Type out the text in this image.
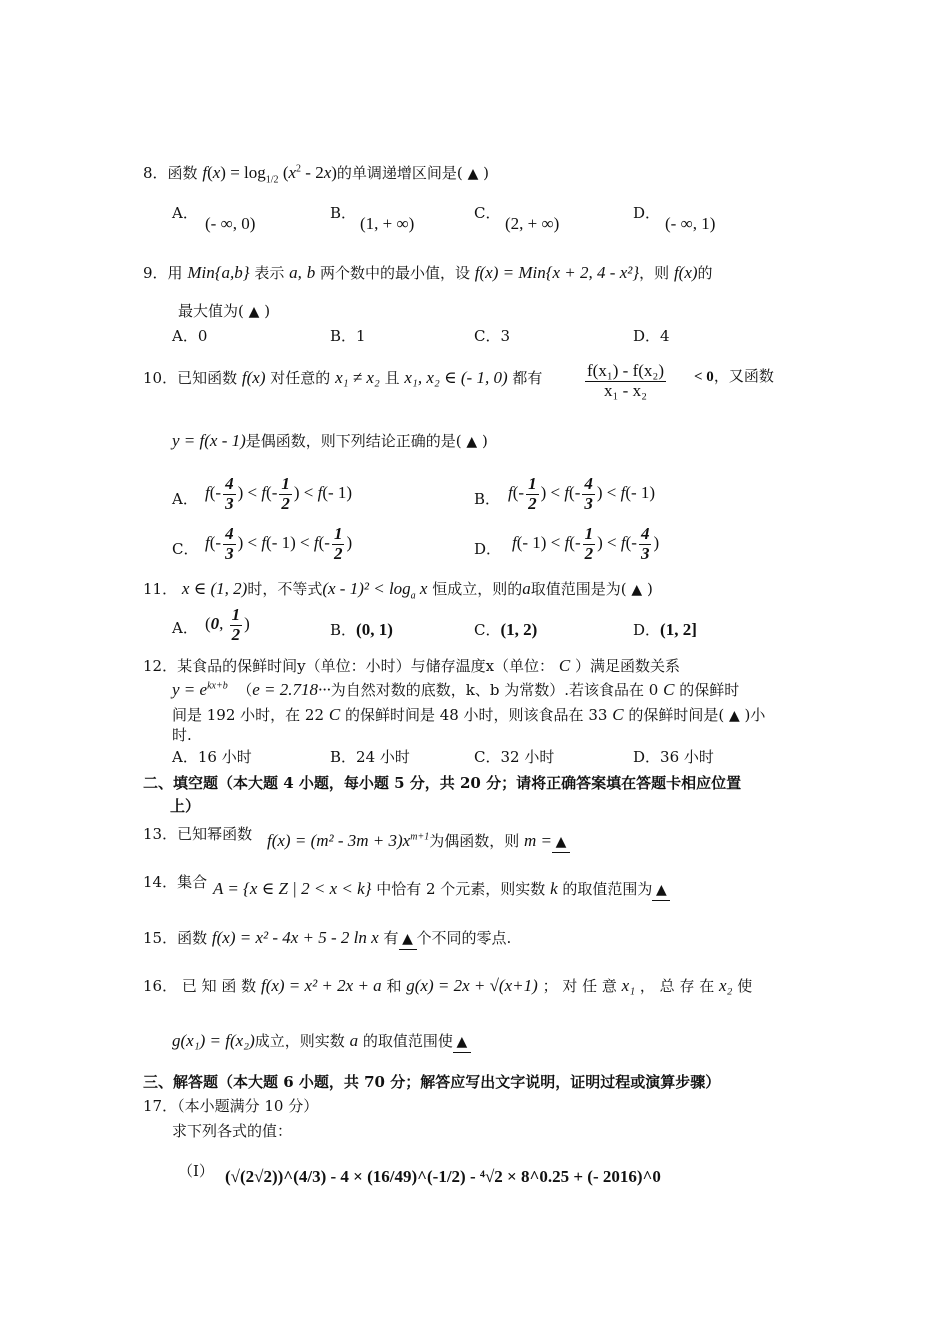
8．函数 $f(x) = \log_{1/2} (x^2 - 2x)$的单调递增区间是( ▲ )
A．
(- ∞, 0)
B．
(1, + ∞)
C．
(2, + ∞)
D．
(- ∞, 1)
9．用 Min{a,b} 表示 a, b 两个数中的最小值，设 f(x) = Min{x + 2, 4 - x²}，则 f(x)的
最大值为( ▲ )
A．0	B．1	C．3	D．4
10．已知函数 f(x) 对任意的 x₁ ≠ x₂ 且 x₁, x₂ ∈ (- 1, 0) 都有	$\frac{\text{f(x₁) - f(x₂)}}{\text{x₁ - x₂}} < 0$，又函数
y = f(x - 1)是偶函数，则下列结论正确的是( ▲ )
A． $f(- \frac{4}{3}$ ) < $f(- \frac{1}{2}$ ) < f(- 1)	B． $f(- \frac{1}{2}$ ) < $f(- \frac{4}{3}$ ) < f(- 1)
C． $f(- \frac{4}{3}$ ) < f(- $1) < f(- \frac{1}{2}$ )	D． f(- $1) < f(- \frac{1}{2}$ ) < $f(- \frac{4}{3}$ )
11． x ∈ (1, 2)时，不等式$(x - 1)^2 < \log_a x$ 恒成立，则的a取值范围是为( ▲ )
A． (0, $\frac{1}{2}$ )	B．(0, 1)	C．(1, 2)	D．(1, 2]
12．某食品的保鲜时间y（单位：小时）与储存温度x（单位： C ）满足函数关系
$y = e^{kx+b}$ （e = 2.718···为自然对数的底数，k、b 为常数）.若该食品在 0 C 的保鲜时
间是 192 小时，在 22 C 的保鲜时间是 48 小时，则该食品在 33 C 的保鲜时间是( ▲ )小
时.
A．16 小时	B．24 小时	C．32 小时	D．36 小时
二、填空题（本大题 4 小题，每小题 5 分，共 20 分；请将正确答案填在答题卡相应位置
上）
13．已知幂函数 $f(x) = (m^2 - 3m + 3)x^{m+1}$为偶函数，则 m = ▲
14．集合 A = {x ∈ Z | 2 < x < k} 中恰有 2 个元素，则实数 k 的取值范围为 ▲
15．函数 f(x) = x² - 4x + 5 - 2 ln x 有 ▲ 个不同的零点.
16． 已 知 函 数 f(x) = x² + 2x + a 和 g(x) = 2x + √(x+1) ； 对 任 意 x₁ ， 总 存 在 x₂ 使
g(x₁) = f(x₂)成立，则实数 a 的取值范围使 ▲
三、解答题（本大题 6 小题，共 70 分；解答应写出文字说明，证明过程或演算步骤）
17．（本小题满分 10 分）
求下列各式的值：
（Ⅰ） (√(2√2))^(4/3) - 4 × (16/49)^(-1/2) - ⁴√2 × 8^0.25 + (- 2016)^0
